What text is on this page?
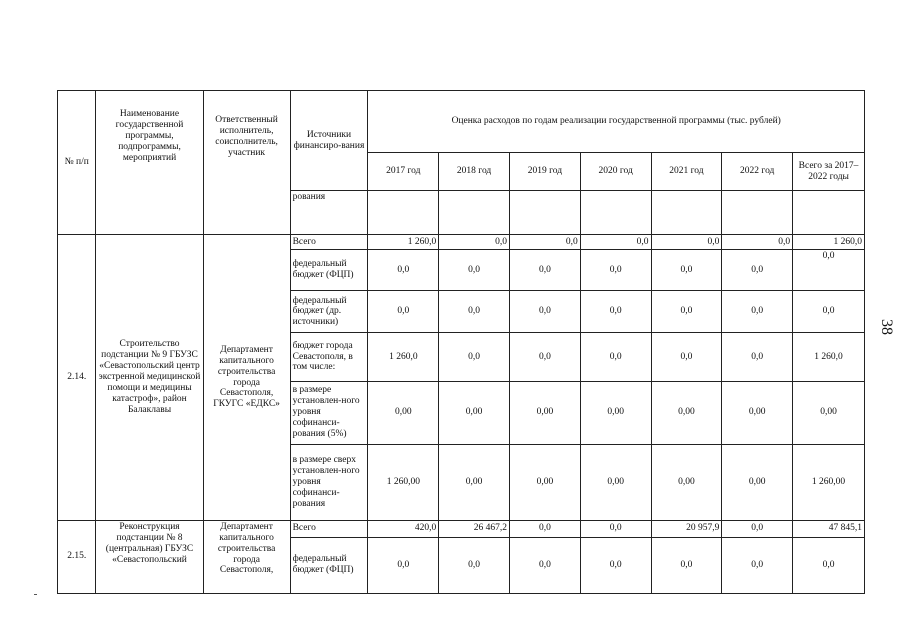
№ п/п	Наименование государственной программы, подпрограммы, мероприятий	Ответственный исполнитель, соисполнитель, участник	Источники финансиро-вания	Оценка расходов по годам реализации государственной программы (тыс. рублей)						
				2017 год	2018 год	2019 год	2020 год	2021 год	2022 год	Всего за 2017–2022 годы
			рования							
2.14.	Строительство подстанции № 9 ГБУЗС «Севастопольский центр экстренной медицинской помощи и медицины катастроф», район Балаклавы	Департамент капитального строительства города Севастополя, ГКУГС «ЕДКС»	Всего	1 260,0	0,0	0,0	0,0	0,0	0,0	1 260,0
			федеральный бюджет (ФЦП)	0,0	0,0	0,0	0,0	0,0	0,0	0,0
			федеральный бюджет (др. источники)	0,0	0,0	0,0	0,0	0,0	0,0	0,0
			бюджет города Севастополя, в том числе:	1 260,0	0,0	0,0	0,0	0,0	0,0	1 260,0
			в размере установлен-ного уровня софинанси-рования (5%)	0,00	0,00	0,00	0,00	0,00	0,00	0,00
			в размере сверх установлен-ного уровня софинанси-рования	1 260,00	0,00	0,00	0,00	0,00	0,00	1 260,00
2.15.	Реконструкция подстанции № 8 (центральная) ГБУЗС «Севастопольский	Департамент капитального строительства города Севастополя,	Всего	420,0	26 467,2	0,0	0,0	20 957,9	0,0	47 845,1
			федеральный бюджет (ФЦП)	0,0	0,0	0,0	0,0	0,0	0,0	0,0
38
